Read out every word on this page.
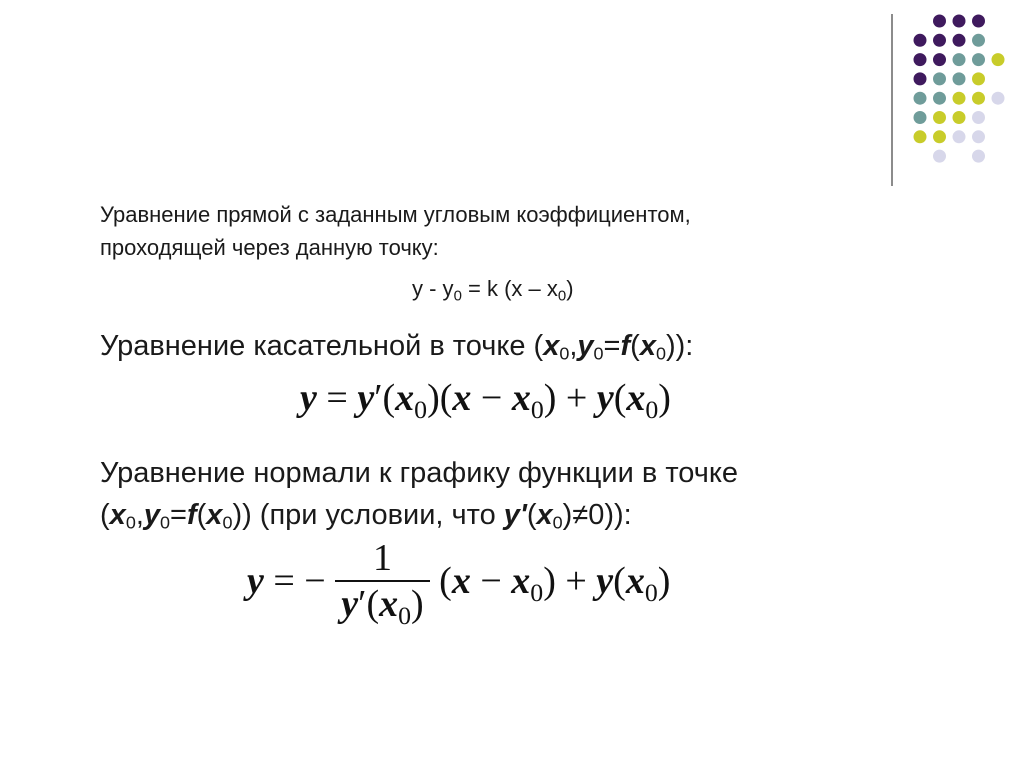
Уравнение прямой с заданным угловым коэффициентом,
проходящей через данную точку:
$y - y_0 = k$ $(x - x_0)$
Уравнение касательной в точке $(x_0,y_0=f(x_0))$:
$y = y'(x_0)(x - x_0) + y(x_0)$
Уравнение нормали к графику функции в точке
$(x_0,y_0=f(x_0))$ (при условии, что $y'(x_0)\ne 0$)):
y = − $\frac{1}{y'(x_0)} (x - x_0) + y(x_0)$
